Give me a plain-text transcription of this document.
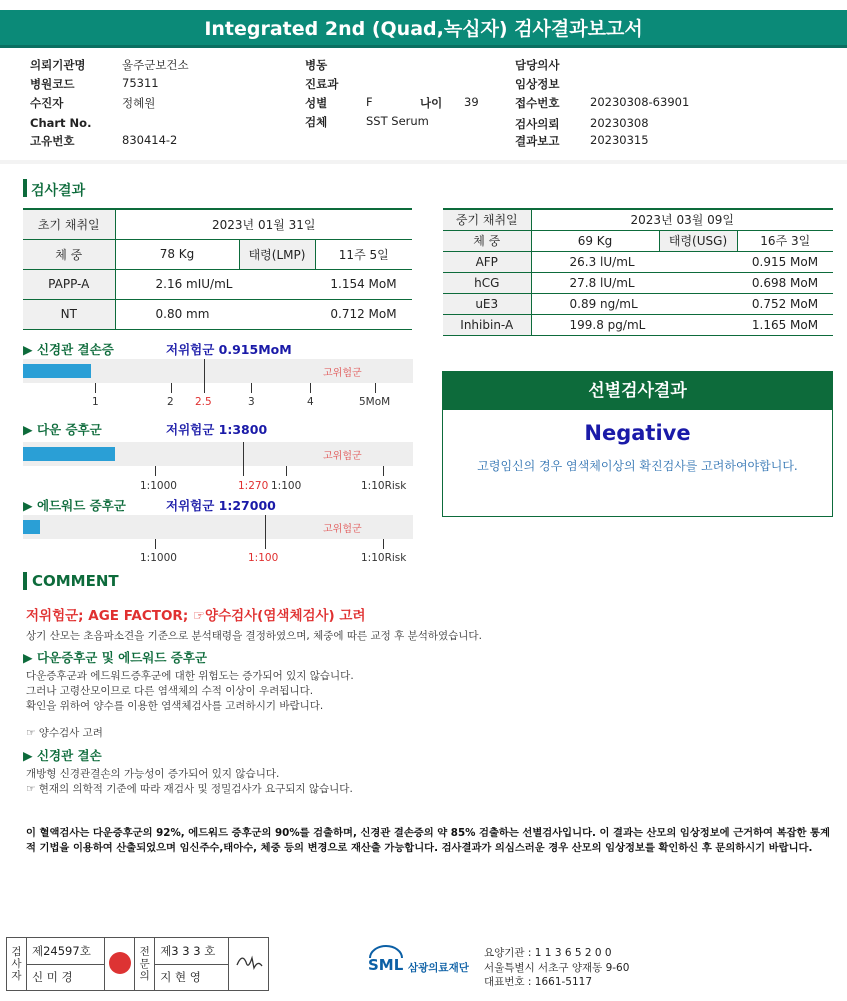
Integrated 2nd (Quad,녹십자) 검사결과보고서
의뢰기관명	울주군보건소
병원코드	75311
수진자	정혜원
Chart No.
고유번호	830414-2
병동
진료과
성별	F	나이 39
검체	SST Serum
담당의사
임상정보
접수번호	20230308-63901
검사의뢰	20230308
결과보고	20230315
검사결과
초기 채취일	2023년 01월 31일		
체 중	78 Kg	태령(LMP)	11주 5일
PAPP-A	2.16 mIU/mL		1.154 MoM
NT	0.80 mm		0.712 MoM
중기 채취일	2023년 03월 09일		
체 중	69 Kg	태령(USG)	16주 3일
AFP	26.3 lU/mL		0.915 MoM
hCG	27.8 lU/mL		0.698 MoM
uE3	0.89 ng/mL		0.752 MoM
Inhibin-A	199.8 pg/mL		1.165 MoM
▶ 신경관 결손증	저위험군 0.915MoM
고위험군
1	2 2.5	3	4	5MoM
▶ 다운 증후군	저위험군 1:3800
고위험군
1:1000	1:270 1:100	1:10Risk
▶ 에드워드 증후군	저위험군 1:27000
고위험군
1:1000	1:100	1:10Risk
선별검사결과
Negative
고령임신의 경우 염색체이상의 확진검사를 고려하여야합니다.
COMMENT
저위험군; AGE FACTOR; ☞양수검사(염색체검사) 고려
상기 산모는 초음파소견을 기준으로 분석태령을 결정하였으며, 체중에 따른 교정 후 분석하였습니다.
▶ 다운증후군 및 에드워드 증후군
다운증후군과 에드워드증후군에 대한 위험도는 증가되어 있지 않습니다.
그러나 고령산모이므로 다른 염색체의 수적 이상이 우려됩니다.
확인을 위하여 양수를 이용한 염색체검사를 고려하시기 바랍니다.
☞ 양수검사 고려
▶ 신경관 결손
개방형 신경관결손의 가능성이 증가되어 있지 않습니다.
☞ 현재의 의학적 기준에 따라 재검사 및 정밀검사가 요구되지 않습니다.
이 혈액검사는 다운증후군의 92%, 에드워드 증후군의 90%를 검출하며, 신경관 결손증의 약 85% 검출하는 선별검사입니다. 이 결과는 산모의 임상정보에 근거하여 복잡한 통계적 기법을 이용하여 산출되었으며 임신주수,태아수, 체중 등의 변경으로 재산출 가능합니다. 검사결과가 의심스러운 경우 산모의 임상정보를 확인하신 후 문의하시기 바랍니다.
검사자	제24597호		전문의	제3 3 3 호	
	신 미 경			지 현 영	
SML 삼광의료재단
요양기관 : 1 1 3 6 5 2 0 0
서울특별시 서초구 양재동 9-60
대표번호 : 1661-5117
